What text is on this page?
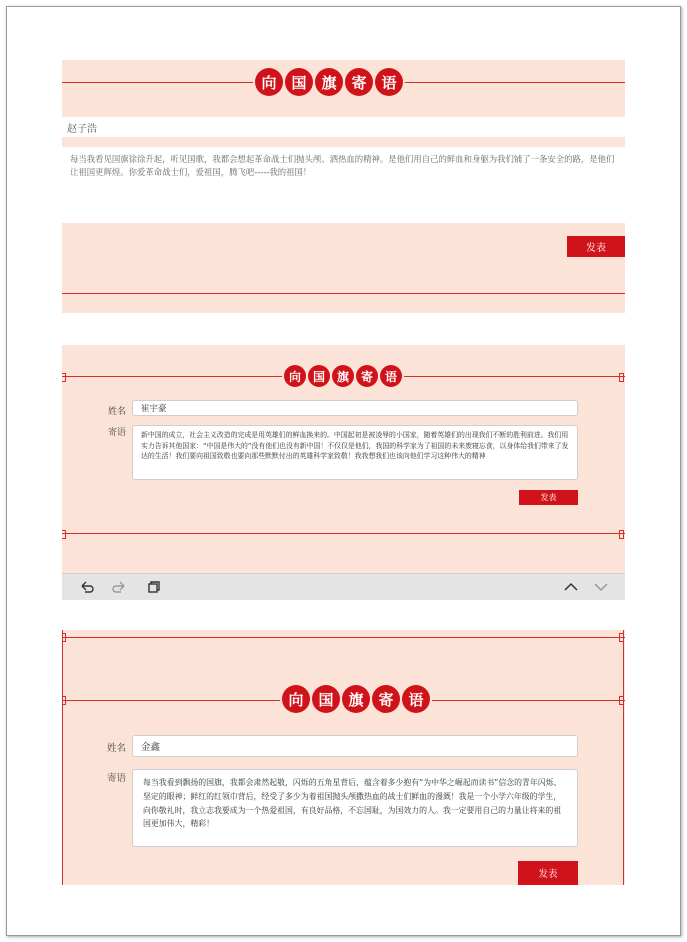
向 国 旗 寄 语
赵子浩
每当我看见国旗徐徐升起，听见国歌，我都会想起革命战士们抛头颅、洒热血的精神。是他们用自己的鲜血和身躯为我们铺了一条安全的路，是他们让祖国更辉煌。你爱革命战士们，爱祖国，腾飞吧-----我的祖国！
发表
向 国 旗 寄 语
姓名	崔宇豪
寄语	新中国的成立，社会主义改造的完成是用英雄们的鲜血换来的。中国起初是被凌辱的小国家，随着英雄们的出现我们不断的胜利前进。我们用实力告诉其他国家：“中国是伟大的”没有他们也没有新中国！不仅仅是他们，我国的科学家为了祖国的未来废寝忘食，以身体给我们带来了发达的生活！我们要向祖国致敬也要向那些默默付出的英雄科学家致敬！我我想我们也该向他们学习这种伟大的精神
发表
向 国 旗 寄 语
姓名	金鑫
寄语	每当我看到飘扬的国旗，我都会肃然起敬，闪烁的五角星背后，蕴含着多少抱有“为中华之崛起而读书”信念的青年闪烁、坚定的眼神；鲜红的红领巾背后，经受了多少为着祖国抛头颅撒热血的战士们鲜血的漫溉！我是一个小学六年级的学生，向你敬礼时，我立志我要成为一个热爱祖国，有良好品格，不忘国耻，为国效力的人。我一定要用自己的力量让将来的祖国更加伟大，精彩！
发表
